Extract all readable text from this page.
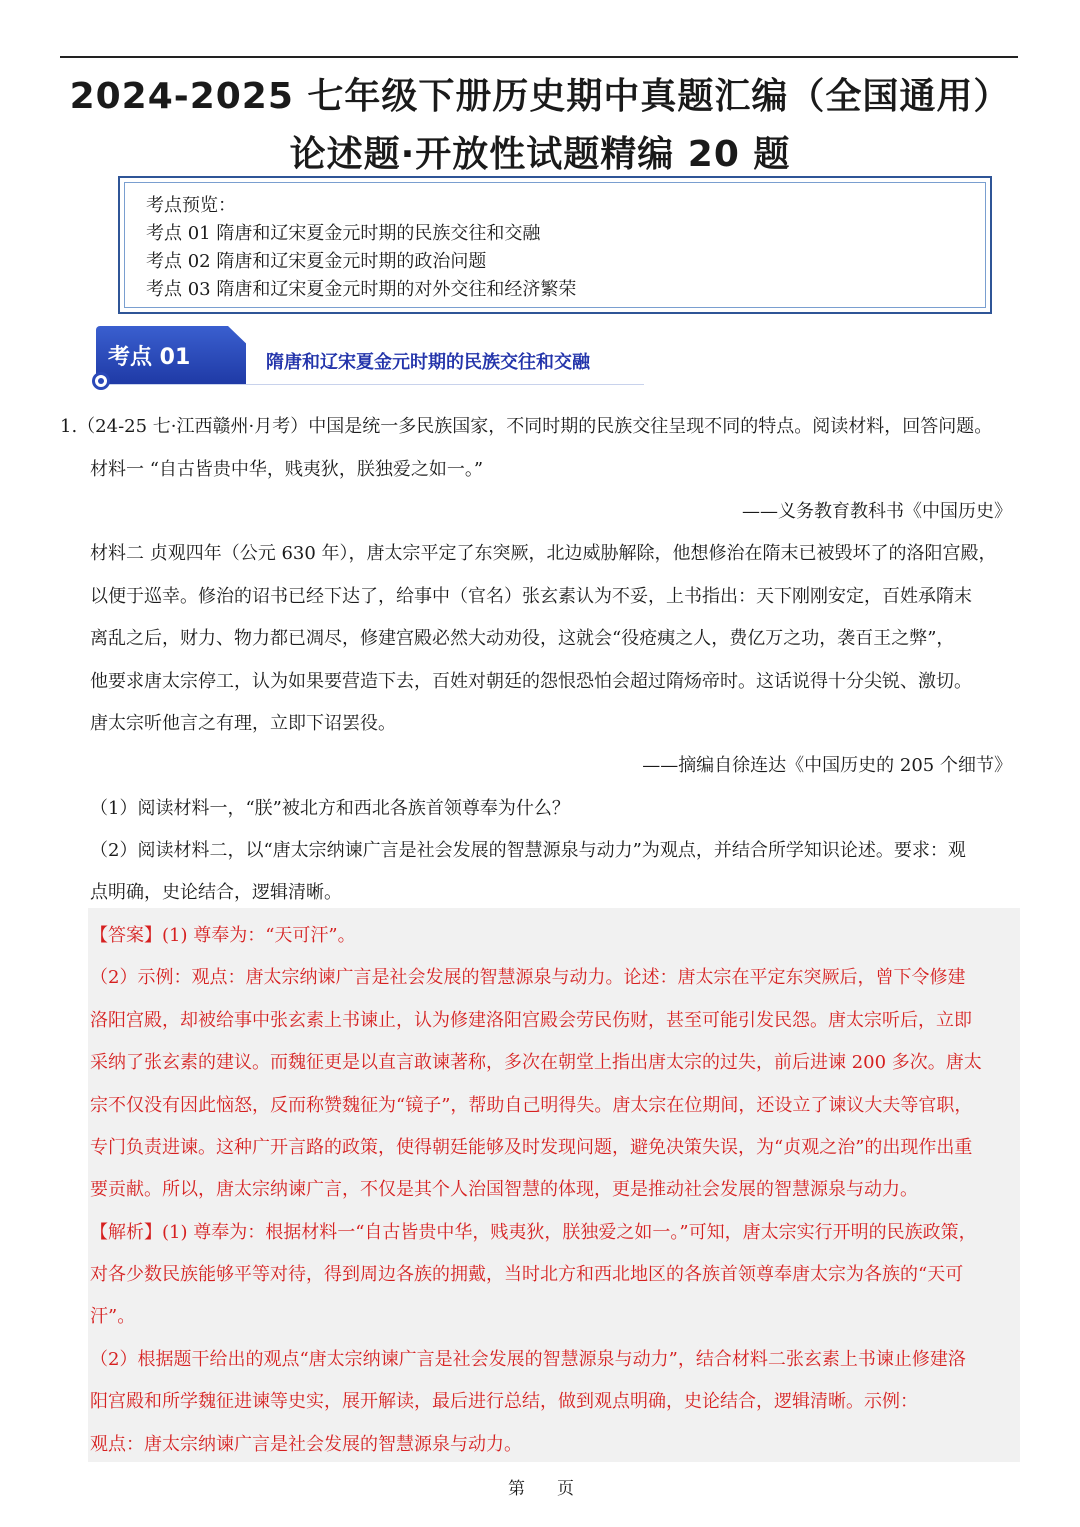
2024-2025 七年级下册历史期中真题汇编（全国通用）
论述题·开放性试题精编 20 题
考点预览：
考点 01 隋唐和辽宋夏金元时期的民族交往和交融
考点 02 隋唐和辽宋夏金元时期的政治问题
考点 03 隋唐和辽宋夏金元时期的对外交往和经济繁荣
考点 01	隋唐和辽宋夏金元时期的民族交往和交融
1.（24-25 七·江西赣州·月考）中国是统一多民族国家，不同时期的民族交往呈现不同的特点。阅读材料，回答问题。
材料一 “自古皆贵中华，贱夷狄，朕独爱之如一。”
——义务教育教科书《中国历史》
材料二 贞观四年（公元 630 年），唐太宗平定了东突厥，北边威胁解除，他想修治在隋末已被毁坏了的洛阳宫殿，
以便于巡幸。修治的诏书已经下达了，给事中（官名）张玄素认为不妥，上书指出：天下刚刚安定，百姓承隋末
离乱之后，财力、物力都已凋尽，修建宫殿必然大动劝役，这就会“役疮痍之人，费亿万之功，袭百王之弊”，
他要求唐太宗停工，认为如果要营造下去，百姓对朝廷的怨恨恐怕会超过隋炀帝时。这话说得十分尖锐、激切。
唐太宗听他言之有理，立即下诏罢役。
——摘编自徐连达《中国历史的 205 个细节》
（1）阅读材料一，“朕”被北方和西北各族首领尊奉为什么？
（2）阅读材料二，以“唐太宗纳谏广言是社会发展的智慧源泉与动力”为观点，并结合所学知识论述。要求：观
点明确，史论结合，逻辑清晰。
【答案】(1) 尊奉为：“天可汗”。
（2）示例：观点：唐太宗纳谏广言是社会发展的智慧源泉与动力。论述：唐太宗在平定东突厥后，曾下令修建
洛阳宫殿，却被给事中张玄素上书谏止，认为修建洛阳宫殿会劳民伤财，甚至可能引发民怨。唐太宗听后，立即
采纳了张玄素的建议。而魏征更是以直言敢谏著称，多次在朝堂上指出唐太宗的过失，前后进谏 200 多次。唐太
宗不仅没有因此恼怒，反而称赞魏征为“镜子”，帮助自己明得失。唐太宗在位期间，还设立了谏议大夫等官职，
专门负责进谏。这种广开言路的政策，使得朝廷能够及时发现问题，避免决策失误，为“贞观之治”的出现作出重
要贡献。所以，唐太宗纳谏广言，不仅是其个人治国智慧的体现，更是推动社会发展的智慧源泉与动力。
【解析】(1) 尊奉为：根据材料一“自古皆贵中华，贱夷狄，朕独爱之如一。”可知，唐太宗实行开明的民族政策，
对各少数民族能够平等对待，得到周边各族的拥戴，当时北方和西北地区的各族首领尊奉唐太宗为各族的“天可
汗”。
（2）根据题干给出的观点“唐太宗纳谏广言是社会发展的智慧源泉与动力”，结合材料二张玄素上书谏止修建洛
阳宫殿和所学魏征进谏等史实，展开解读，最后进行总结，做到观点明确，史论结合，逻辑清晰。示例：
观点：唐太宗纳谏广言是社会发展的智慧源泉与动力。
第 页
